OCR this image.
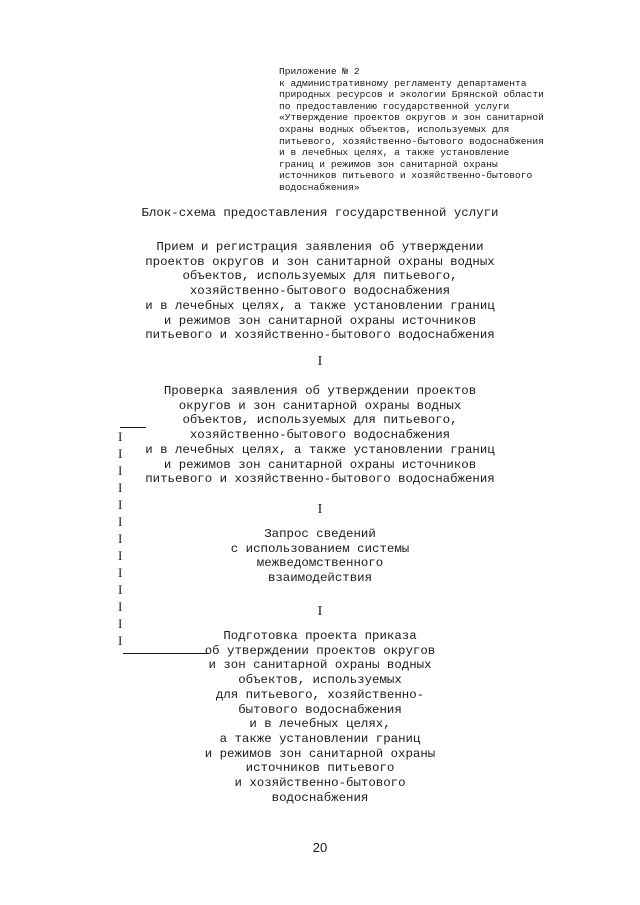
Приложение № 2
к административному регламенту департамента
природных ресурсов и экологии Брянской области
по предоставлению государственной услуги
«Утверждение проектов округов и зон санитарной
охраны водных объектов, используемых для
питьевого, хозяйственно-бытового водоснабжения
и в лечебных целях, а также установление
границ и режимов зон санитарной охраны
источников питьевого и хозяйственно-бытового
водоснабжения»
Блок-схема предоставления государственной услуги
Прием и регистрация заявления об утверждении
проектов округов и зон санитарной охраны водных
объектов, используемых для питьевого,
хозяйственно-бытового водоснабжения
и в лечебных целях, а также установлении границ
и режимов зон санитарной охраны источников
питьевого и хозяйственно-бытового водоснабжения
I
Проверка заявления об утверждении проектов
округов и зон санитарной охраны водных
объектов, используемых для питьевого,
хозяйственно-бытового водоснабжения
и в лечебных целях, а также установлении границ
и режимов зон санитарной охраны источников
питьевого и хозяйственно-бытового водоснабжения
I
Запрос сведений
с использованием системы
межведомственного
взаимодействия
I
Подготовка проекта приказа
об утверждении проектов округов
и зон санитарной охраны водных
объектов, используемых
для питьевого, хозяйственно-
бытового водоснабжения
и в лечебных целях,
а также установлении границ
и режимов зон санитарной охраны
источников питьевого
и хозяйственно-бытового
водоснабжения
I
I
I
I
I
I
I
I
I
I
I
I
I
20
